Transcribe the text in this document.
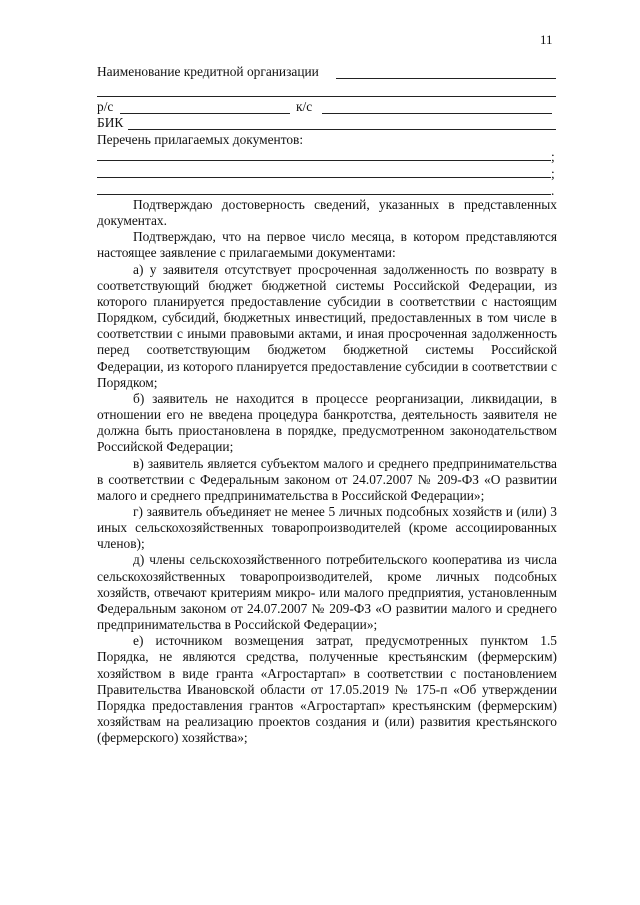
11
Наименование кредитной организации
р/с	к/с
БИК
Перечень прилагаемых документов:
;
;
.

Подтверждаю достоверность сведений, указанных в представленных документах.

Подтверждаю, что на первое число месяца, в котором представляются настоящее заявление с прилагаемыми документами:

а) у заявителя отсутствует просроченная задолженность по возврату в соответствующий бюджет бюджетной системы Российской Федерации, из которого планируется предоставление субсидии в соответствии с настоящим Порядком, субсидий, бюджетных инвестиций, предоставленных в том числе в соответствии с иными правовыми актами, и иная просроченная задолженность перед соответствующим бюджетом бюджетной системы Российской Федерации, из которого планируется предоставление субсидии в соответствии с Порядком;

б) заявитель не находится в процессе реорганизации, ликвидации, в отношении его не введена процедура банкротства, деятельность заявителя не должна быть приостановлена в порядке, предусмотренном законодательством Российской Федерации;

в) заявитель является субъектом малого и среднего предпринимательства в соответствии с Федеральным законом от 24.07.2007 № 209-ФЗ «О развитии малого и среднего предпринимательства в Российской Федерации»;

г) заявитель объединяет не менее 5 личных подсобных хозяйств и (или) 3 иных сельскохозяйственных товаропроизводителей (кроме ассоциированных членов);

д) члены сельскохозяйственного потребительского кооператива из числа сельскохозяйственных товаропроизводителей, кроме личных подсобных хозяйств, отвечают критериям микро- или малого предприятия, установленным Федеральным законом от 24.07.2007 № 209-ФЗ «О развитии малого и среднего предпринимательства в Российской Федерации»;

е) источником возмещения затрат, предусмотренных пунктом 1.5 Порядка, не являются средства, полученные крестьянским (фермерским) хозяйством в виде гранта «Агростартап» в соответствии с постановлением Правительства Ивановской области от 17.05.2019 № 175-п «Об утверждении Порядка предоставления грантов «Агростартап» крестьянским (фермерским) хозяйствам на реализацию проектов создания и (или) развития крестьянского (фермерского) хозяйства»;
